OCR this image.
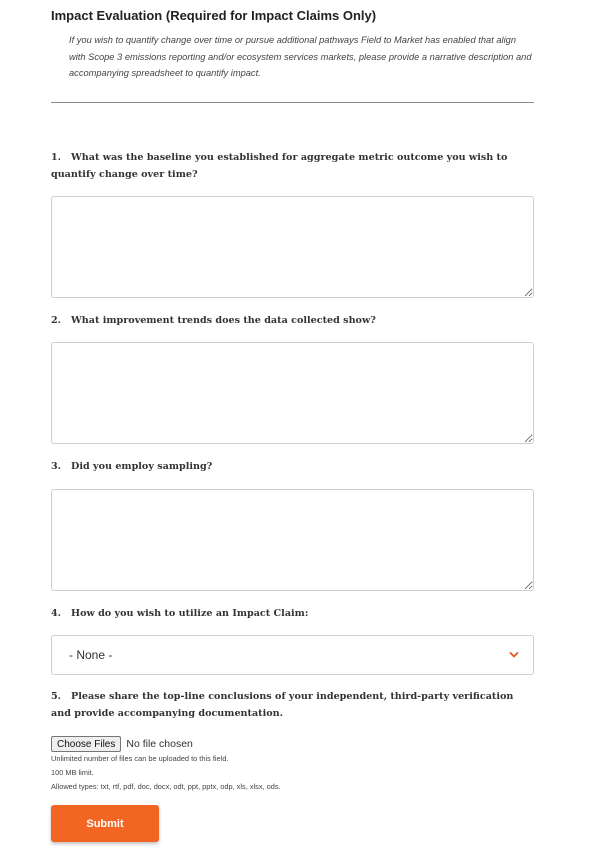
Impact Evaluation (Required for Impact Claims Only)

If you wish to quantify change over time or pursue additional pathways Field to Market has enabled that align with Scope 3 emissions reporting and/or ecosystem services markets, please provide a narrative description and accompanying spreadsheet to quantify impact.

1. What was the baseline you established for aggregate metric outcome you wish to quantify change over time?

2. What improvement trends does the data collected show?

3. Did you employ sampling?

4. How do you wish to utilize an Impact Claim:

- None -

5. Please share the top-line conclusions of your independent, third-party verification and provide accompanying documentation.

Choose Files	No file chosen

Unlimited number of files can be uploaded to this field.

100 MB limit.

Allowed types: txt, rtf, pdf, doc, docx, odt, ppt, pptx, odp, xls, xlsx, ods.

Submit
